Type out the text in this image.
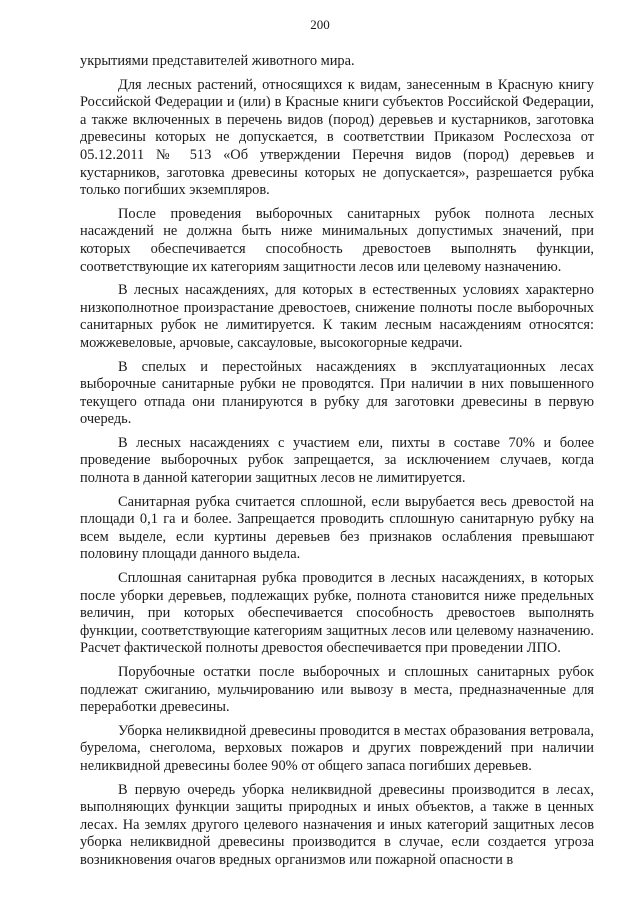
200

укрытиями представителей животного мира.

Для лесных растений, относящихся к видам, занесенным в Красную книгу Российской Федерации и (или) в Красные книги субъектов Российской Федерации, а также включенных в перечень видов (пород) деревьев и кустарников, заготовка древесины которых не допускается, в соответствии Приказом Рослесхоза от 05.12.2011 № 513 «Об утверждении Перечня видов (пород) деревьев и кустарников, заготовка древесины которых не допускается», разрешается рубка только погибших экземпляров.

После проведения выборочных санитарных рубок полнота лесных насаждений не должна быть ниже минимальных допустимых значений, при которых обеспечивается способность древостоев выполнять функции, соответствующие их категориям защитности лесов или целевому назначению.

В лесных насаждениях, для которых в естественных условиях характерно низкополнотное произрастание древостоев, снижение полноты после выборочных санитарных рубок не лимитируется. К таким лесным насаждениям относятся: можжевеловые, арчовые, саксауловые, высокогорные кедрачи.

В спелых и перестойных насаждениях в эксплуатационных лесах выборочные санитарные рубки не проводятся. При наличии в них повышенного текущего отпада они планируются в рубку для заготовки древесины в первую очередь.

В лесных насаждениях с участием ели, пихты в составе 70% и более проведение выборочных рубок запрещается, за исключением случаев, когда полнота в данной категории защитных лесов не лимитируется.

Санитарная рубка считается сплошной, если вырубается весь древостой на площади 0,1 га и более. Запрещается проводить сплошную санитарную рубку на всем выделе, если куртины деревьев без признаков ослабления превышают половину площади данного выдела.

Сплошная санитарная рубка проводится в лесных насаждениях, в которых после уборки деревьев, подлежащих рубке, полнота становится ниже предельных величин, при которых обеспечивается способность древостоев выполнять функции, соответствующие категориям защитных лесов или целевому назначению. Расчет фактической полноты древостоя обеспечивается при проведении ЛПО.

Порубочные остатки после выборочных и сплошных санитарных рубок подлежат сжиганию, мульчированию или вывозу в места, предназначенные для переработки древесины.

Уборка неликвидной древесины проводится в местах образования ветровала, бурелома, снеголома, верховых пожаров и других повреждений при наличии неликвидной древесины более 90% от общего запаса погибших деревьев.

В первую очередь уборка неликвидной древесины производится в лесах, выполняющих функции защиты природных и иных объектов, а также в ценных лесах. На землях другого целевого назначения и иных категорий защитных лесов уборка неликвидной древесины производится в случае, если создается угроза возникновения очагов вредных организмов или пожарной опасности в
